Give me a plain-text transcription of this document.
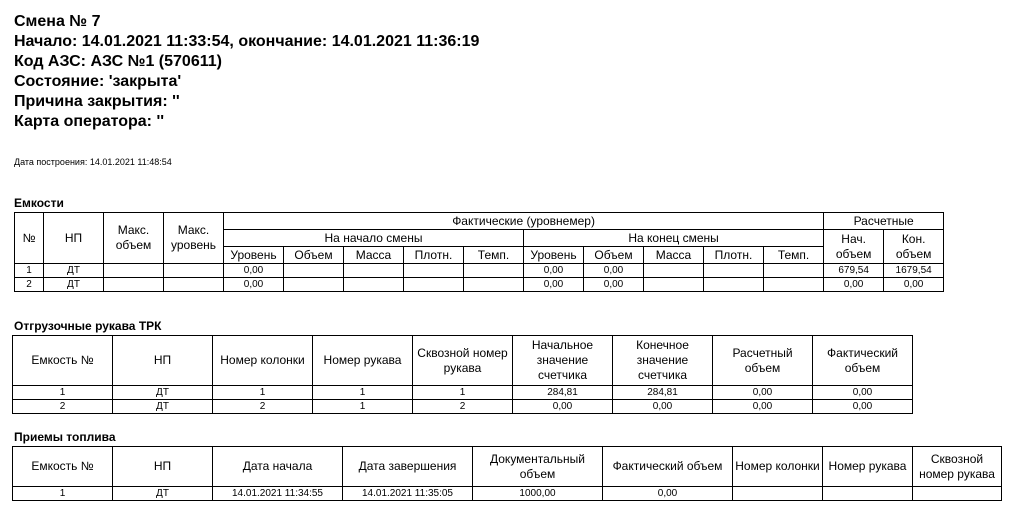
Смена № 7
Начало: 14.01.2021 11:33:54, окончание: 14.01.2021 11:36:19
Код АЗС: АЗС №1 (570611)
Состояние: 'закрыта'
Причина закрытия: ''
Карта оператора: ''
Дата построения: 14.01.2021 11:48:54
Емкости
№	НП	Макс. объем	Макс. уровень	Фактические (уровнемер)										Расчетные	
				На начало смены					На конец смены					Нач. объем	Кон. объем
				Уровень	Объем	Масса	Плотн.	Темп.	Уровень	Объем	Масса	Плотн.	Темп.		
1	ДТ			0,00					0,00	0,00				679,54	1679,54
2	ДТ			0,00					0,00	0,00				0,00	0,00
Отгрузочные рукава ТРК
Емкость №	НП	Номер колонки	Номер рукава	Сквозной номер рукава	Начальное значение счетчика	Конечное значение счетчика	Расчетный объем	Фактический объем
1	ДТ	1	1	1	284,81	284,81	0,00	0,00
2	ДТ	2	1	2	0,00	0,00	0,00	0,00
Приемы топлива
Емкость №	НП	Дата начала	Дата завершения	Документальный объем	Фактический объем	Номер колонки	Номер рукава	Сквозной номер рукава
1	ДТ	14.01.2021 11:34:55	14.01.2021 11:35:05	1000,00	0,00			
